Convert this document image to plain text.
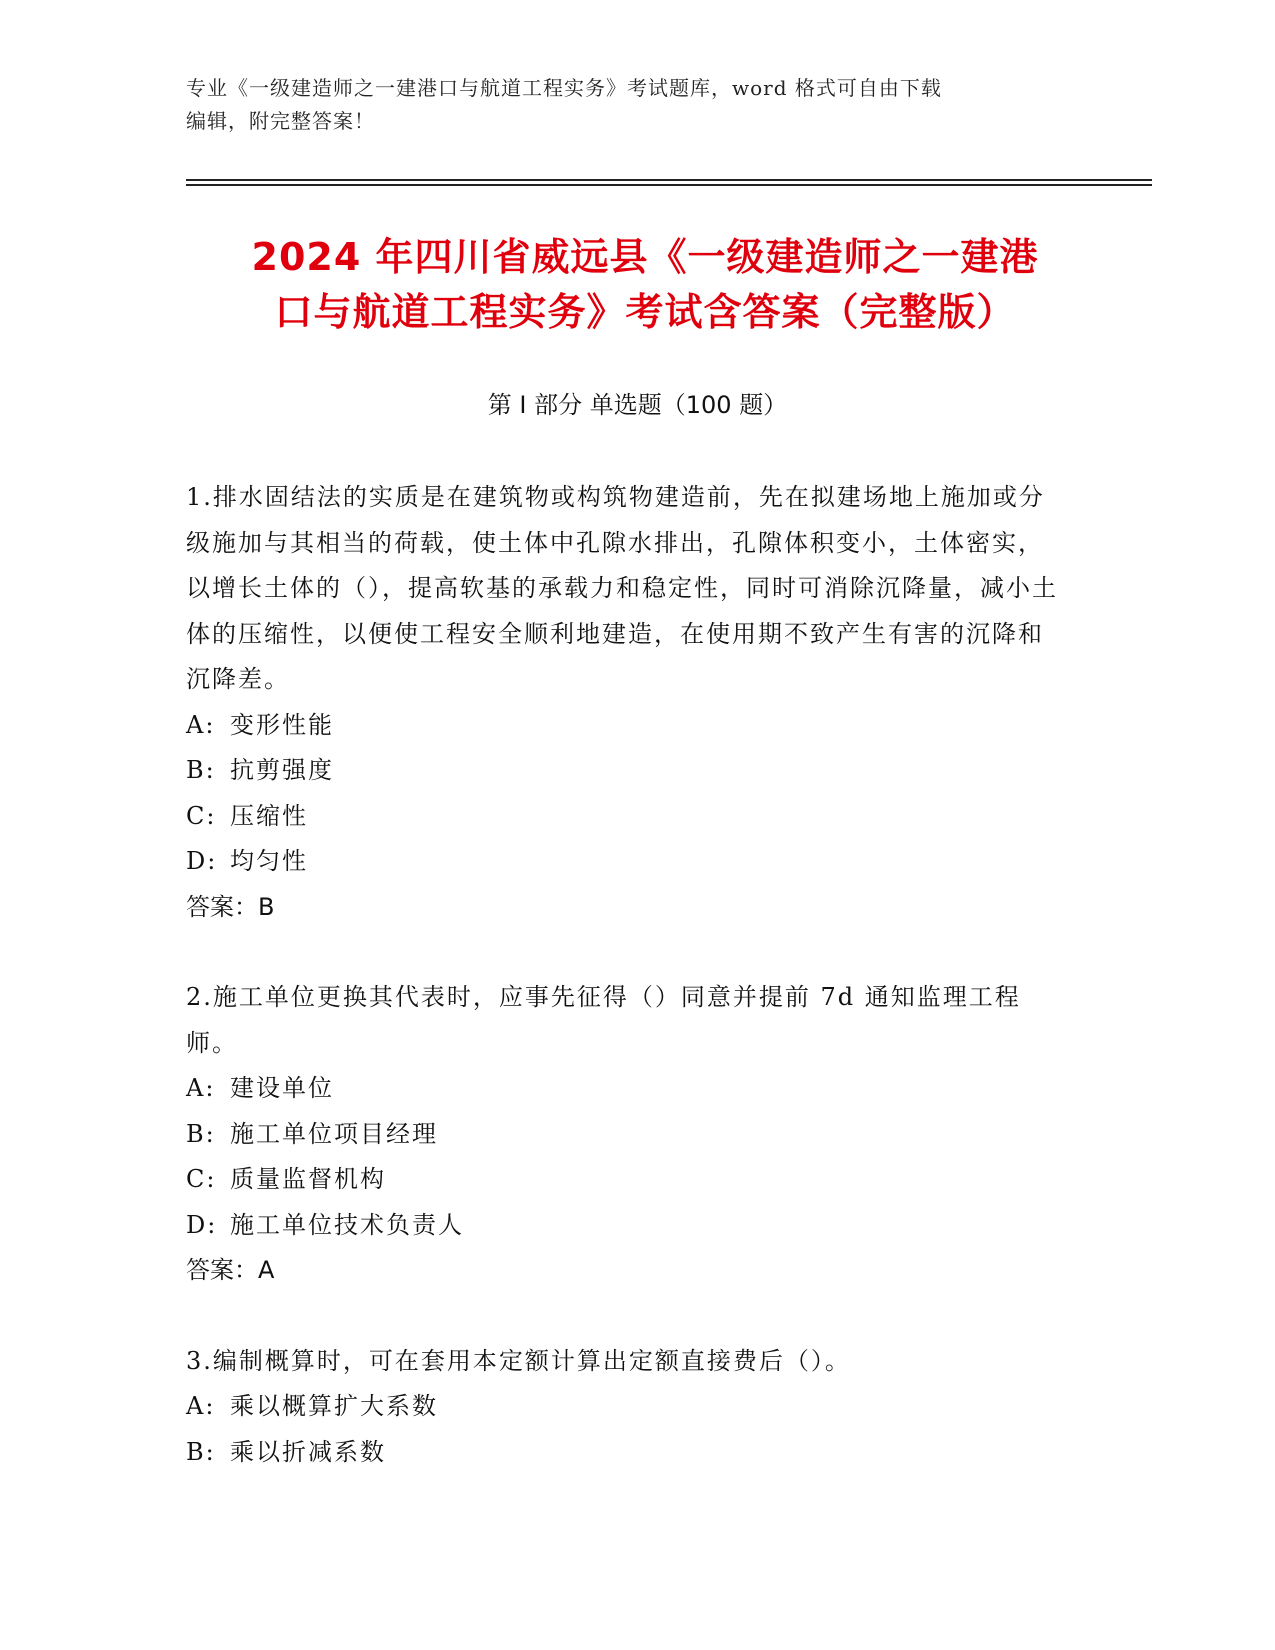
专业《一级建造师之一建港口与航道工程实务》考试题库，word 格式可自由下载
编辑，附完整答案！
2024 年四川省威远县《一级建造师之一建港
口与航道工程实务》考试含答案（完整版）
第 I 部分 单选题（100 题）
1.排水固结法的实质是在建筑物或构筑物建造前，先在拟建场地上施加或分级施加与其相当的荷载，使土体中孔隙水排出，孔隙体积变小，土体密实，以增长土体的（），提高软基的承载力和稳定性，同时可消除沉降量，减小土体的压缩性，以便使工程安全顺利地建造，在使用期不致产生有害的沉降和沉降差。
A: 变形性能
B: 抗剪强度
C: 压缩性
D: 均匀性
答案：B
2.施工单位更换其代表时，应事先征得（）同意并提前 7d 通知监理工程师。
A: 建设单位
B: 施工单位项目经理
C: 质量监督机构
D: 施工单位技术负责人
答案：A
3.编制概算时，可在套用本定额计算出定额直接费后（）。
A: 乘以概算扩大系数
B: 乘以折减系数
